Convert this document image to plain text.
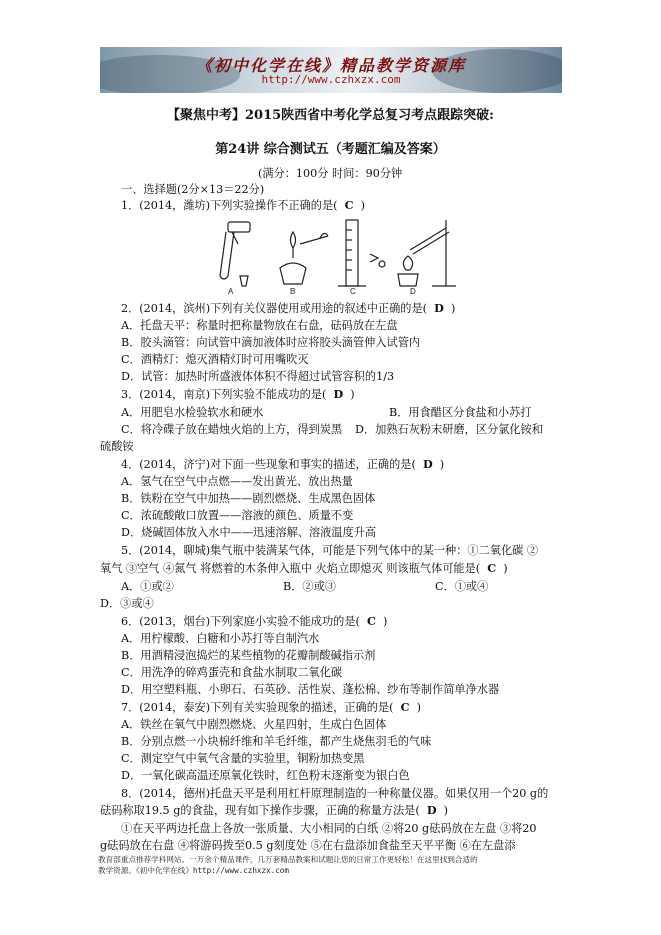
《初中化学在线》精品教学资源库
http://www.czhxzx.com
【聚焦中考】2015陕西省中考化学总复习考点跟踪突破:
第24讲 综合测试五（考题汇编及答案）
(满分：100分 时间：90分钟
一、选择题(2分×13＝22分)
1．(2014，潍坊)下列实验操作不正确的是( C  )
A	B	C	D
2．(2014，滨州)下列有关仪器使用或用途的叙述中正确的是( D  )
A．托盘天平：称量时把称量物放在右盘，砝码放在左盘
B．胶头滴管：向试管中滴加液体时应将胶头滴管伸入试管内
C．酒精灯：熄灭酒精灯时可用嘴吹灭
D．试管：加热时所盛液体体积不得超过试管容积的1/3
3．(2014，南京)下列实验不能成功的是( D  )
A．用肥皂水检验软水和硬水	B．用食醋区分食盐和小苏打
C．将冷碟子放在蜡烛火焰的上方，得到炭黑 D．加熟石灰粉末研磨，区分氯化铵和
硫酸铵
4．(2014，济宁)对下面一些现象和事实的描述，正确的是( D  )
A．氢气在空气中点燃——发出黄光、放出热量
B．铁粉在空气中加热——剧烈燃烧、生成黑色固体
C．浓硫酸敞口放置——溶液的颜色、质量不变
D．烧碱固体放入水中——迅速溶解、溶液温度升高
5．(2014，聊城)集气瓶中装满某气体，可能是下列气体中的某一种：①二氧化碳 ②
氧气 ③空气 ④氮气 将燃着的木条伸入瓶中 火焰立即熄灭 则该瓶气体可能是( C  )
A．①或②	B．②或③	C．①或④
D．③或④
6．(2013，烟台)下列家庭小实验不能成功的是( C  )
A．用柠檬酸、白糖和小苏打等自制汽水
B．用酒精浸泡捣烂的某些植物的花瓣制酸碱指示剂
C．用洗净的碎鸡蛋壳和食盐水制取二氧化碳
D．用空塑料瓶、小卵石、石英砂、活性炭、蓬松棉、纱布等制作简单净水器
7．(2014，泰安)下列有关实验现象的描述，正确的是( C  )
A．铁丝在氧气中剧烈燃烧、火星四射，生成白色固体
B．分别点燃一小块棉纤维和羊毛纤维，都产生烧焦羽毛的气味
C．测定空气中氧气含量的实验里，铜粉加热变黑
D．一氧化碳高温还原氧化铁时，红色粉末逐渐变为银白色
8．(2014，德州)托盘天平是利用杠杆原理制造的一种称量仪器。如果仅用一个20 g的
砝码称取19.5 g的食盐，现有如下操作步骤，正确的称量方法是( D  )
①在天平两边托盘上各放一张质量、大小相同的白纸 ②将20 g砝码放在左盘 ③将20
g砝码放在右盘 ④将游码拨至0.5 g刻度处 ⑤在右盘添加食盐至天平平衡 ⑥在左盘添
教育部重点推荐学科网站。一万余个精品课件，几万套精品教案和试题让您的日常工作更轻松！在这里找到合适的
教学资源。《初中化学在线》http://www.czhxzx.com
